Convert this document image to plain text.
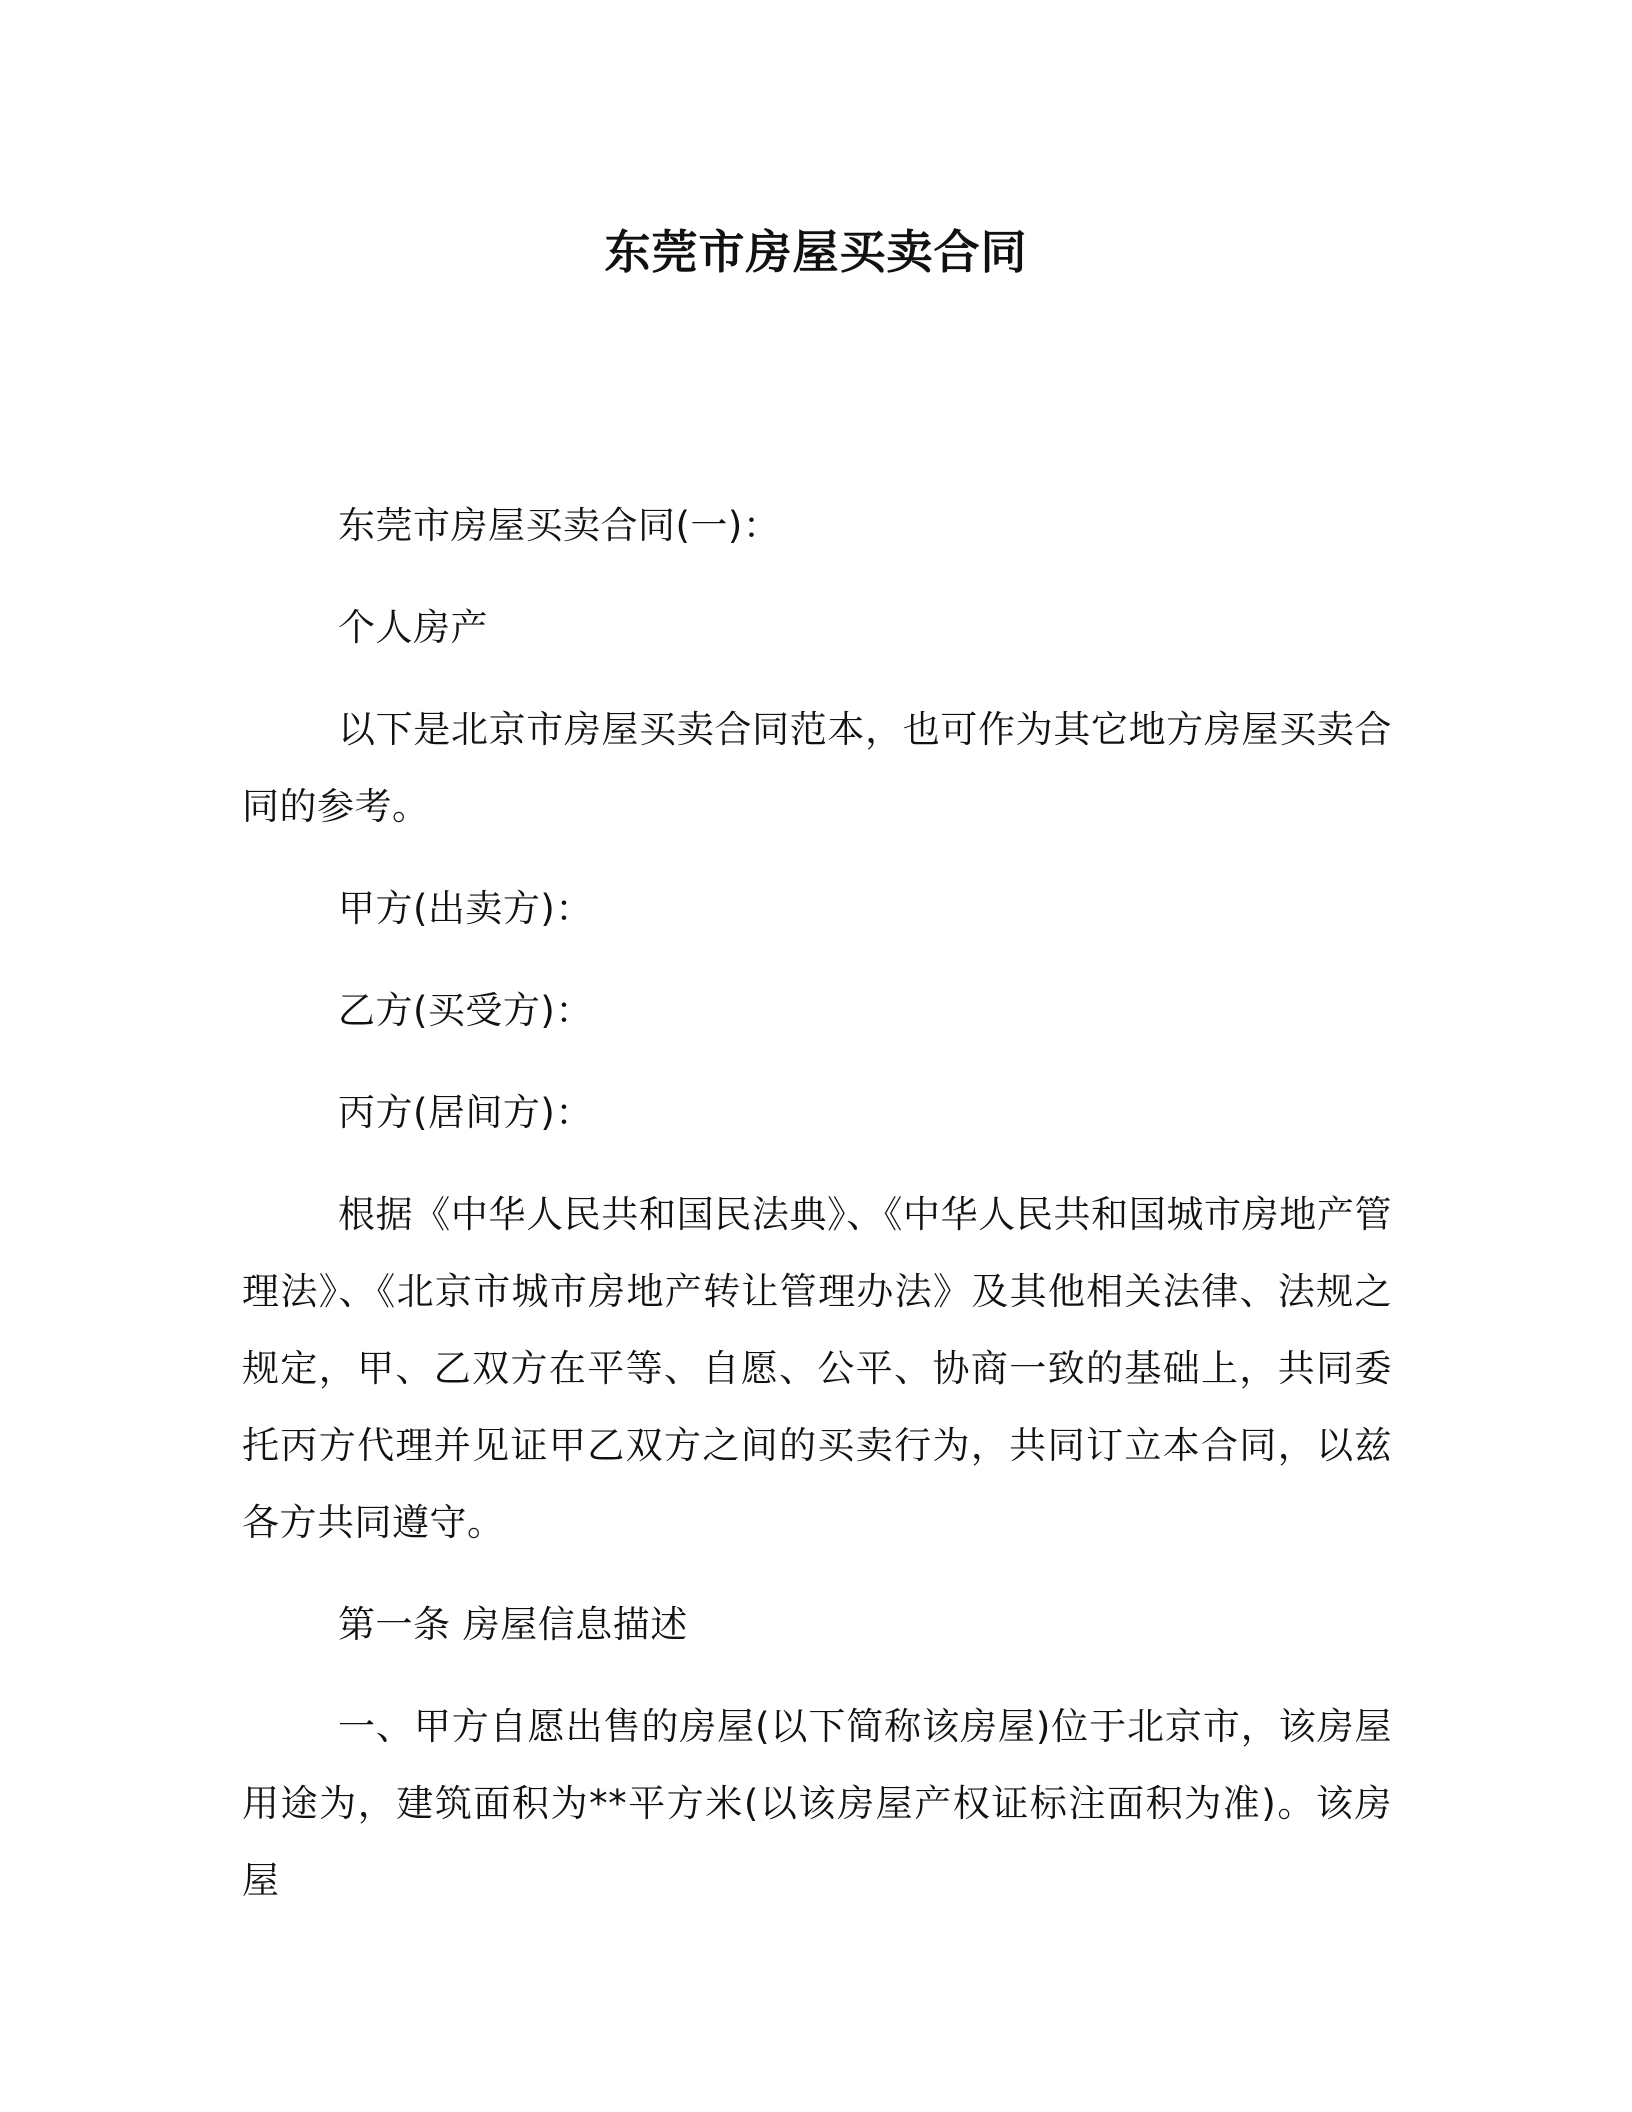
东莞市房屋买卖合同

东莞市房屋买卖合同(一)：

个人房产

以下是北京市房屋买卖合同范本，也可作为其它地方房屋买卖合同的参考。

甲方(出卖方)：

乙方(买受方)：

丙方(居间方)：

根据《中华人民共和国民法典》、《中华人民共和国城市房地产管理法》、《北京市城市房地产转让管理办法》及其他相关法律、法规之规定，甲、乙双方在平等、自愿、公平、协商一致的基础上，共同委托丙方代理并见证甲乙双方之间的买卖行为，共同订立本合同，以兹各方共同遵守。

第一条 房屋信息描述

一、甲方自愿出售的房屋(以下简称该房屋)位于北京市，该房屋用途为，建筑面积为**平方米(以该房屋产权证标注面积为准)。该房屋
